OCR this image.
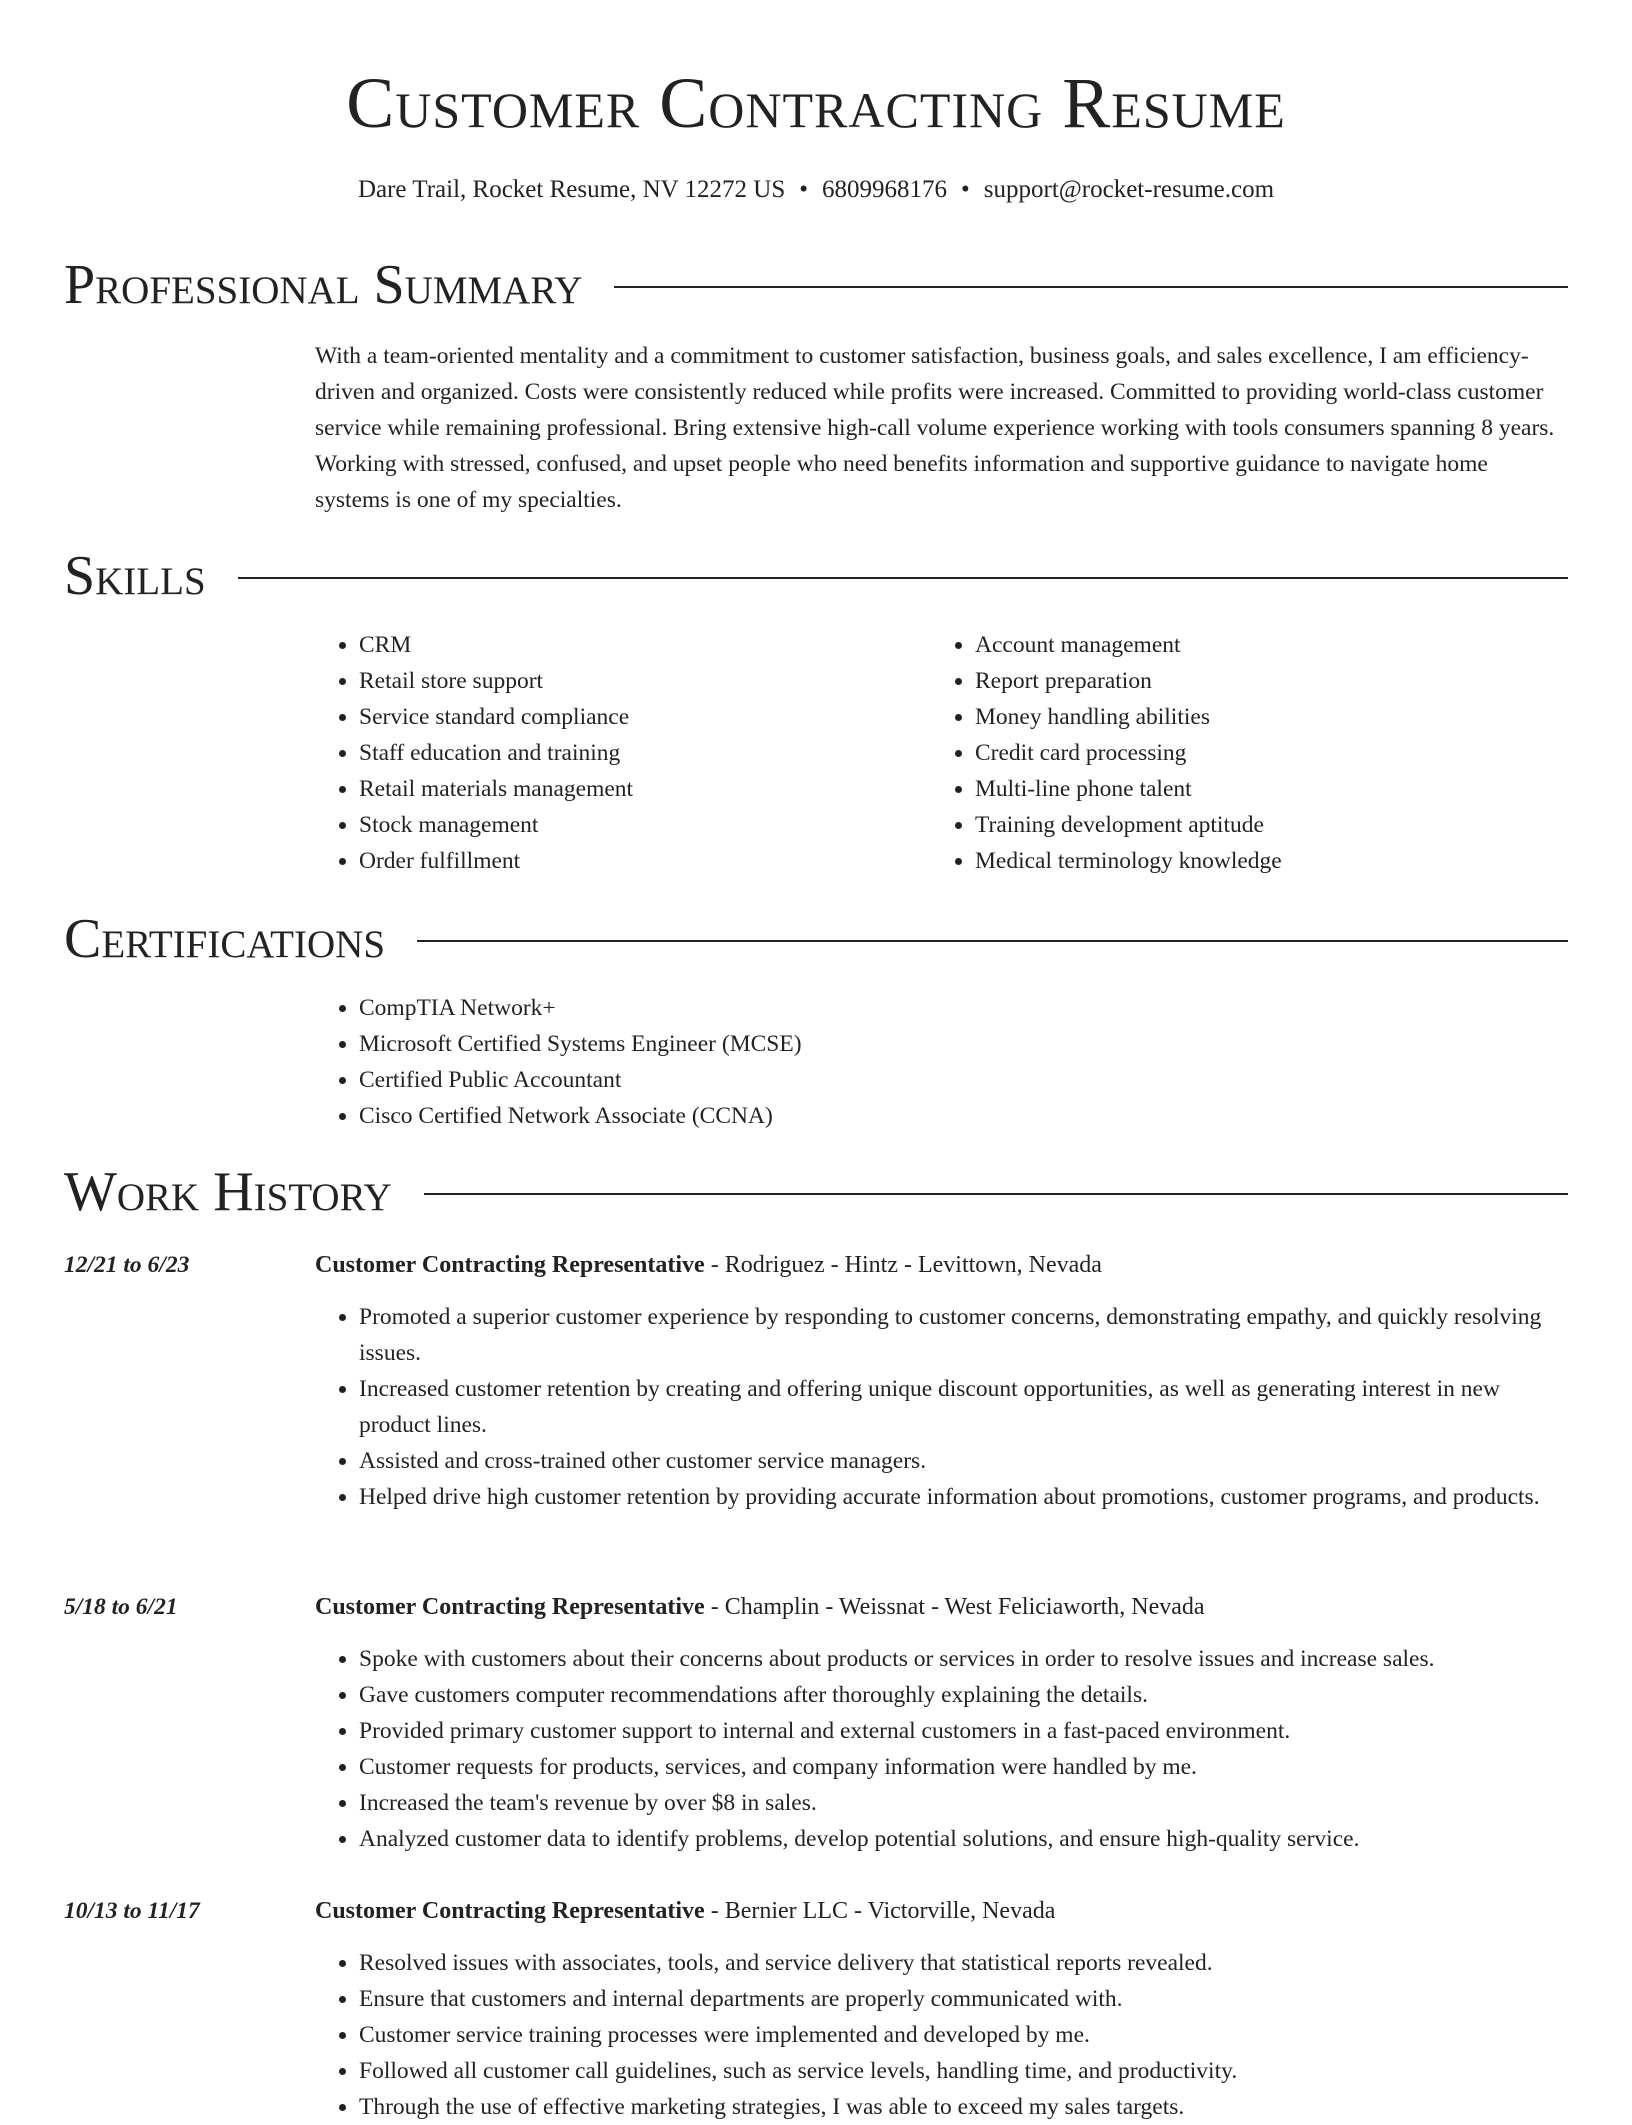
Customer Contracting Resume
Dare Trail, Rocket Resume, NV 12272 US • 6809968176 • support@rocket-resume.com
Professional Summary

With a team-oriented mentality and a commitment to customer satisfaction, business goals, and sales excellence, I am efficiency-driven and organized. Costs were consistently reduced while profits were increased. Committed to providing world-class customer service while remaining professional. Bring extensive high-call volume experience working with tools consumers spanning 8 years. Working with stressed, confused, and upset people who need benefits information and supportive guidance to navigate home systems is one of my specialties.

Skills
• CRM
• Retail store support
• Service standard compliance
• Staff education and training
• Retail materials management
• Stock management
• Order fulfillment
• Account management
• Report preparation
• Money handling abilities
• Credit card processing
• Multi-line phone talent
• Training development aptitude
• Medical terminology knowledge
Certifications
• CompTIA Network+
• Microsoft Certified Systems Engineer (MCSE)
• Certified Public Accountant
• Cisco Certified Network Associate (CCNA)
Work History
12/21 to 6/23	Customer Contracting Representative - Rodriguez - Hintz - Levittown, Nevada
• Promoted a superior customer experience by responding to customer concerns, demonstrating empathy, and quickly resolving issues.
• Increased customer retention by creating and offering unique discount opportunities, as well as generating interest in new product lines.
• Assisted and cross-trained other customer service managers.
• Helped drive high customer retention by providing accurate information about promotions, customer programs, and products.
5/18 to 6/21	Customer Contracting Representative - Champlin - Weissnat - West Feliciaworth, Nevada
• Spoke with customers about their concerns about products or services in order to resolve issues and increase sales.
• Gave customers computer recommendations after thoroughly explaining the details.
• Provided primary customer support to internal and external customers in a fast-paced environment.
• Customer requests for products, services, and company information were handled by me.
• Increased the team's revenue by over $8 in sales.
• Analyzed customer data to identify problems, develop potential solutions, and ensure high-quality service.
10/13 to 11/17	Customer Contracting Representative - Bernier LLC - Victorville, Nevada
• Resolved issues with associates, tools, and service delivery that statistical reports revealed.
• Ensure that customers and internal departments are properly communicated with.
• Customer service training processes were implemented and developed by me.
• Followed all customer call guidelines, such as service levels, handling time, and productivity.
• Through the use of effective marketing strategies, I was able to exceed my sales targets.
